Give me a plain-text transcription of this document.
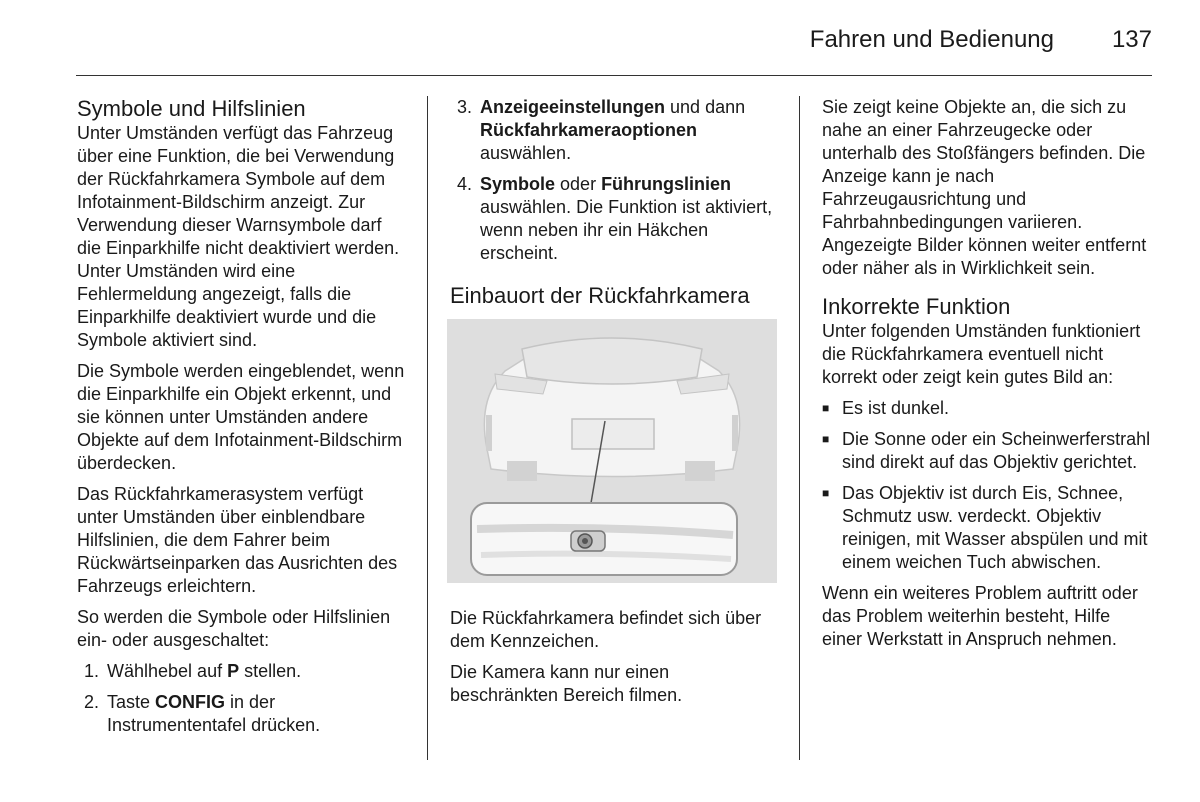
Fahren und Bedienung 137
Symbole und Hilfslinien

Unter Umständen verfügt das Fahrzeug über eine Funktion, die bei Verwendung der Rückfahrkamera Symbole auf dem Infotainment-Bildschirm anzeigt. Zur Verwendung dieser Warnsymbole darf die Einparkhilfe nicht deaktiviert werden. Unter Umständen wird eine Fehlermeldung angezeigt, falls die Einparkhilfe deaktiviert wurde und die Symbole aktiviert sind.

Die Symbole werden eingeblendet, wenn die Einparkhilfe ein Objekt erkennt, und sie können unter Umständen andere Objekte auf dem Infotainment-Bildschirm überdecken.

Das Rückfahrkamerasystem verfügt unter Umständen über einblendbare Hilfslinien, die dem Fahrer beim Rückwärtseinparken das Ausrichten des Fahrzeugs erleichtern.

So werden die Symbole oder Hilfslinien ein- oder ausgeschaltet:

1. Wählhebel auf P stellen.
2. Taste CONFIG in der Instrumententafel drücken.
3. Anzeigeeinstellungen und dann Rückfahrkameraoptionen auswählen.
4. Symbole oder Führungslinien auswählen. Die Funktion ist aktiviert, wenn neben ihr ein Häkchen erscheint.
Einbauort der Rückfahrkamera

Die Rückfahrkamera befindet sich über dem Kennzeichen.

Die Kamera kann nur einen beschränkten Bereich filmen.

Sie zeigt keine Objekte an, die sich zu nahe an einer Fahrzeugecke oder unterhalb des Stoßfängers befinden. Die Anzeige kann je nach Fahrzeugausrichtung und Fahrbahnbedingungen variieren. Angezeigte Bilder können weiter entfernt oder näher als in Wirklichkeit sein.

Inkorrekte Funktion

Unter folgenden Umständen funktioniert die Rückfahrkamera eventuell nicht korrekt oder zeigt kein gutes Bild an:

■ Es ist dunkel.
■ Die Sonne oder ein Scheinwerferstrahl sind direkt auf das Objektiv gerichtet.
■ Das Objektiv ist durch Eis, Schnee, Schmutz usw. verdeckt. Objektiv reinigen, mit Wasser abspülen und mit einem weichen Tuch abwischen.

Wenn ein weiteres Problem auftritt oder das Problem weiterhin besteht, Hilfe einer Werkstatt in Anspruch nehmen.
